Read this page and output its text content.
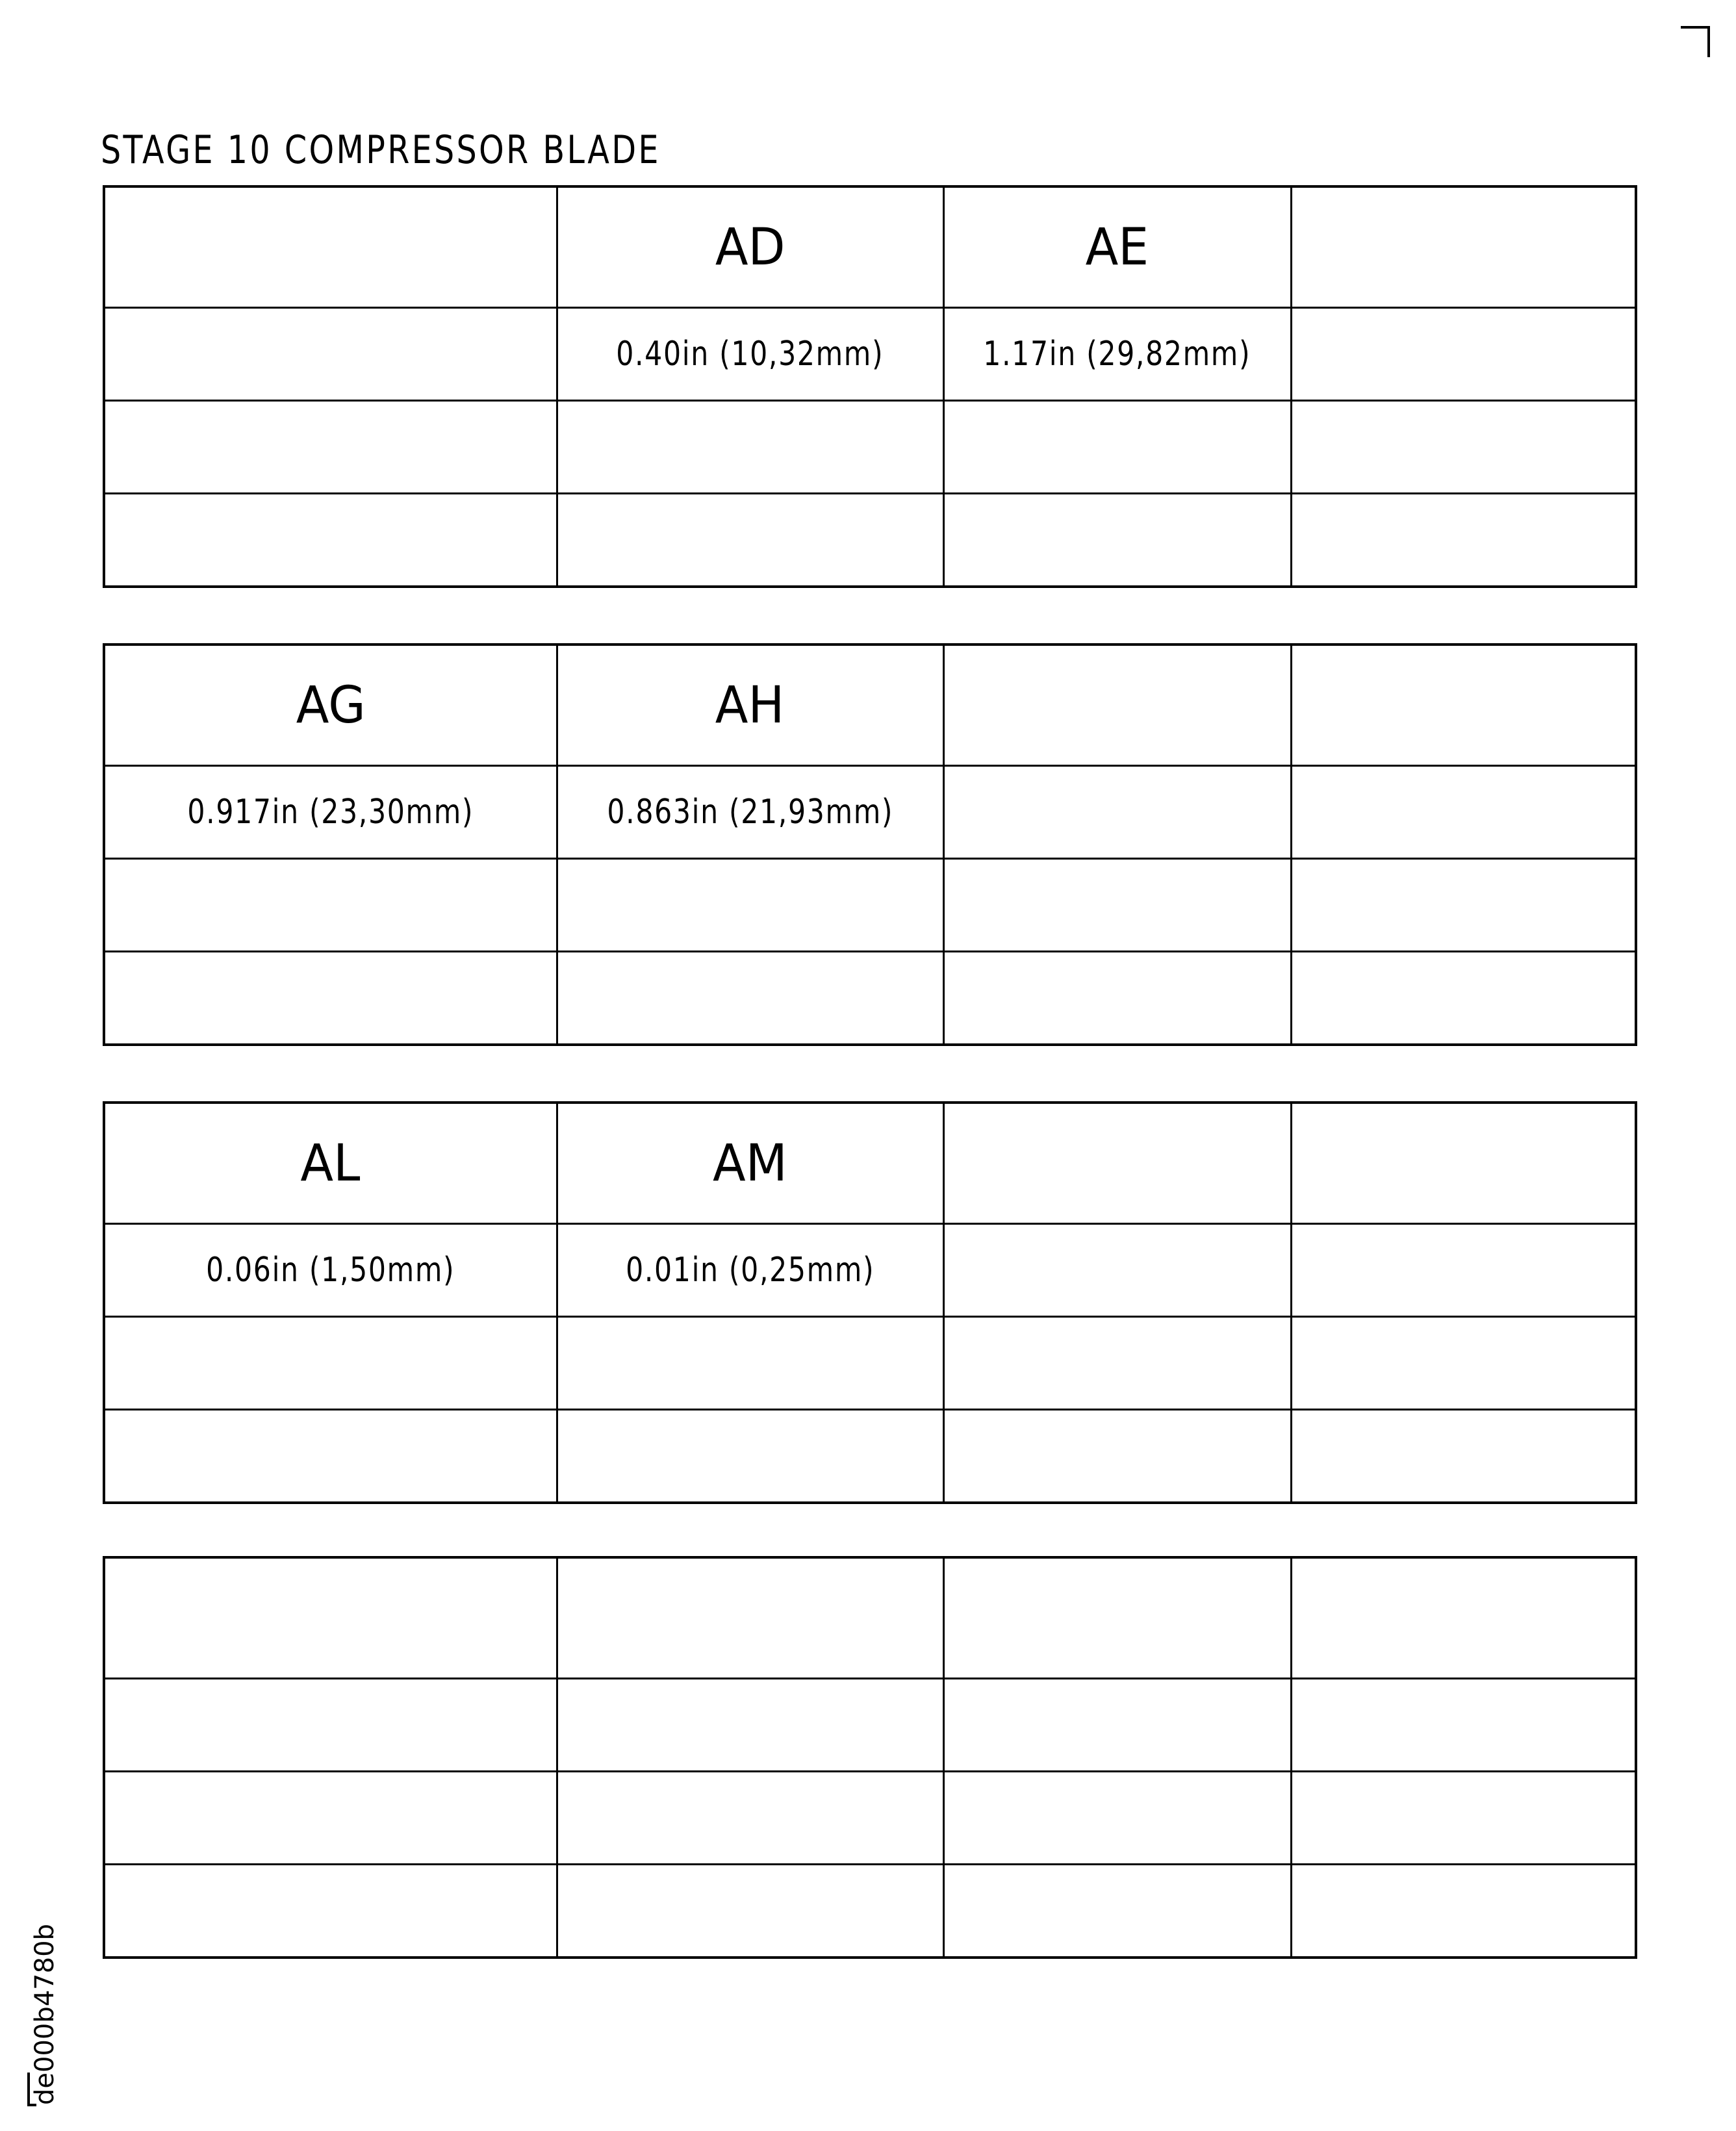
STAGE 10 COMPRESSOR BLADE
	AD	AE	
	0.40in (10,32mm)	1.17in (29,82mm)	

AG	AH		
0.917in (23,30mm)	0.863in (21,93mm)		

AL	AM		
0.06in (1,50mm)	0.01in (0,25mm)		

de000b4780b
